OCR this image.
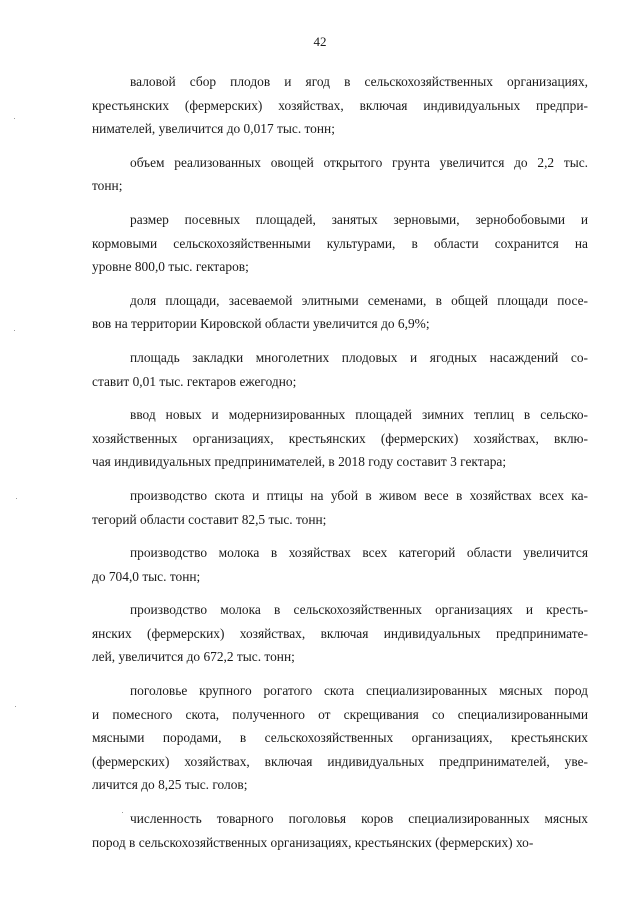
42

валовой сбор плодов и ягод в сельскохозяйственных организациях,
крестьянских (фермерских) хозяйствах, включая индивидуальных предпри-
нимателей, увеличится до 0,017 тыс. тонн;

объем реализованных овощей открытого грунта увеличится до 2,2 тыс.
тонн;

размер посевных площадей, занятых зерновыми, зернобобовыми и
кормовыми сельскохозяйственными культурами, в области сохранится на
уровне 800,0 тыс. гектаров;

доля площади, засеваемой элитными семенами, в общей площади посе-
вов на территории Кировской области увеличится до 6,9%;

площадь закладки многолетних плодовых и ягодных насаждений со-
ставит 0,01 тыс. гектаров ежегодно;

ввод новых и модернизированных площадей зимних теплиц в сельско-
хозяйственных организациях, крестьянских (фермерских) хозяйствах, вклю-
чая индивидуальных предпринимателей, в 2018 году составит 3 гектара;

производство скота и птицы на убой в живом весе в хозяйствах всех ка-
тегорий области составит 82,5 тыс. тонн;

производство молока в хозяйствах всех категорий области увеличится
до 704,0 тыс. тонн;

производство молока в сельскохозяйственных организациях и кресть-
янских (фермерских) хозяйствах, включая индивидуальных предпринимате-
лей, увеличится до 672,2 тыс. тонн;

поголовье крупного рогатого скота специализированных мясных пород
и помесного скота, полученного от скрещивания со специализированными
мясными породами, в сельскохозяйственных организациях, крестьянских
(фермерских) хозяйствах, включая индивидуальных предпринимателей, уве-
личится до 8,25 тыс. голов;

численность товарного поголовья коров специализированных мясных
пород в сельскохозяйственных организациях, крестьянских (фермерских) хо-
